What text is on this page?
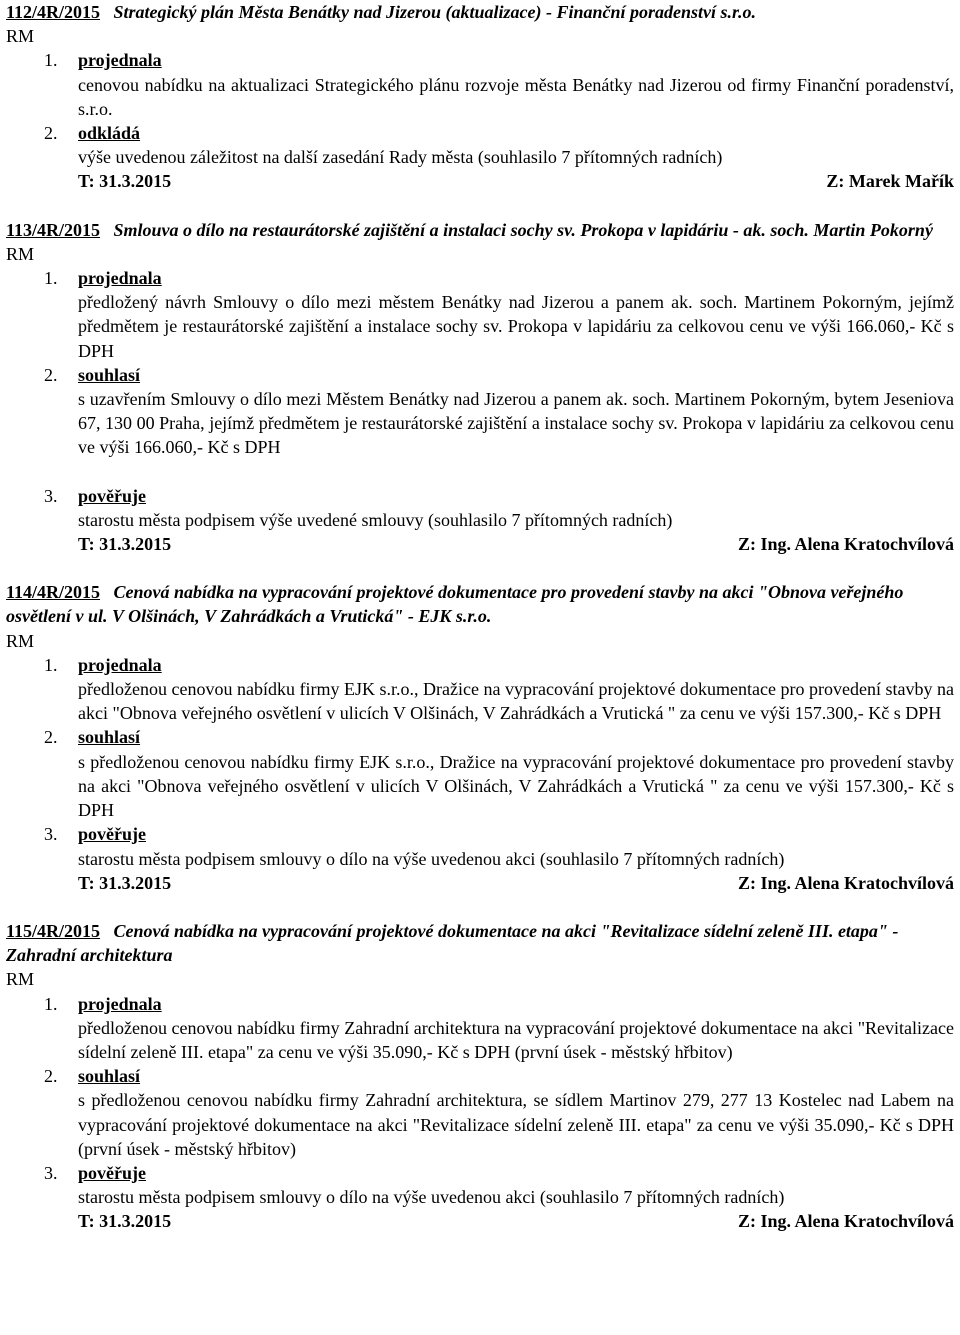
112/4R/2015 Strategický plán Města Benátky nad Jizerou (aktualizace) - Finanční poradenství s.r.o.
RM
1. projednala
cenovou nabídku na aktualizaci Strategického plánu rozvoje města Benátky nad Jizerou od firmy Finanční poradenství, s.r.o.
2. odkládá
výše uvedenou záležitost na další zasedání Rady města (souhlasilo 7 přítomných radních)
T: 31.3.2015	Z: Marek Mařík
113/4R/2015 Smlouva o dílo na restaurátorské zajištění a instalaci sochy sv. Prokopa v lapidáriu - ak. soch. Martin Pokorný
RM
1. projednala
předložený návrh Smlouvy o dílo mezi městem Benátky nad Jizerou a panem ak. soch. Martinem Pokorným, jejímž předmětem je restaurátorské zajištění a instalace sochy sv. Prokopa v lapidáriu za celkovou cenu ve výši 166.060,- Kč s DPH
2. souhlasí
s uzavřením Smlouvy o dílo mezi Městem Benátky nad Jizerou a panem ak. soch. Martinem Pokorným, bytem Jeseniova 67, 130 00 Praha, jejímž předmětem je restaurátorské zajištění a instalace sochy sv. Prokopa v lapidáriu za celkovou cenu ve výši 166.060,- Kč s DPH
3. pověřuje
starostu města podpisem výše uvedené smlouvy (souhlasilo 7 přítomných radních)
T: 31.3.2015	Z: Ing. Alena Kratochvílová
114/4R/2015 Cenová nabídka na vypracování projektové dokumentace pro provedení stavby na akci "Obnova veřejného osvětlení v ul. V Olšinách, V Zahrádkách a Vrutická" - EJK s.r.o.
RM
1. projednala
předloženou cenovou nabídku firmy EJK s.r.o., Dražice na vypracování projektové dokumentace pro provedení stavby na akci "Obnova veřejného osvětlení v ulicích V Olšinách, V Zahrádkách a Vrutická " za cenu ve výši 157.300,- Kč s DPH
2. souhlasí
s předloženou cenovou nabídku firmy EJK s.r.o., Dražice na vypracování projektové dokumentace pro provedení stavby na akci "Obnova veřejného osvětlení v ulicích V Olšinách, V Zahrádkách a Vrutická " za cenu ve výši 157.300,- Kč s DPH
3. pověřuje
starostu města podpisem smlouvy o dílo na výše uvedenou akci (souhlasilo 7 přítomných radních)
T: 31.3.2015	Z: Ing. Alena Kratochvílová
115/4R/2015 Cenová nabídka na vypracování projektové dokumentace na akci "Revitalizace sídelní zeleně III. etapa" - Zahradní architektura
RM
1. projednala
předloženou cenovou nabídku firmy Zahradní architektura na vypracování projektové dokumentace na akci "Revitalizace sídelní zeleně III. etapa" za cenu ve výši 35.090,- Kč s DPH (první úsek - městský hřbitov)
2. souhlasí
s předloženou cenovou nabídku firmy Zahradní architektura, se sídlem Martinov 279, 277 13 Kostelec nad Labem na vypracování projektové dokumentace na akci "Revitalizace sídelní zeleně III. etapa" za cenu ve výši 35.090,- Kč s DPH (první úsek - městský hřbitov)
3. pověřuje
starostu města podpisem smlouvy o dílo na výše uvedenou akci (souhlasilo 7 přítomných radních)
T: 31.3.2015	Z: Ing. Alena Kratochvílová
